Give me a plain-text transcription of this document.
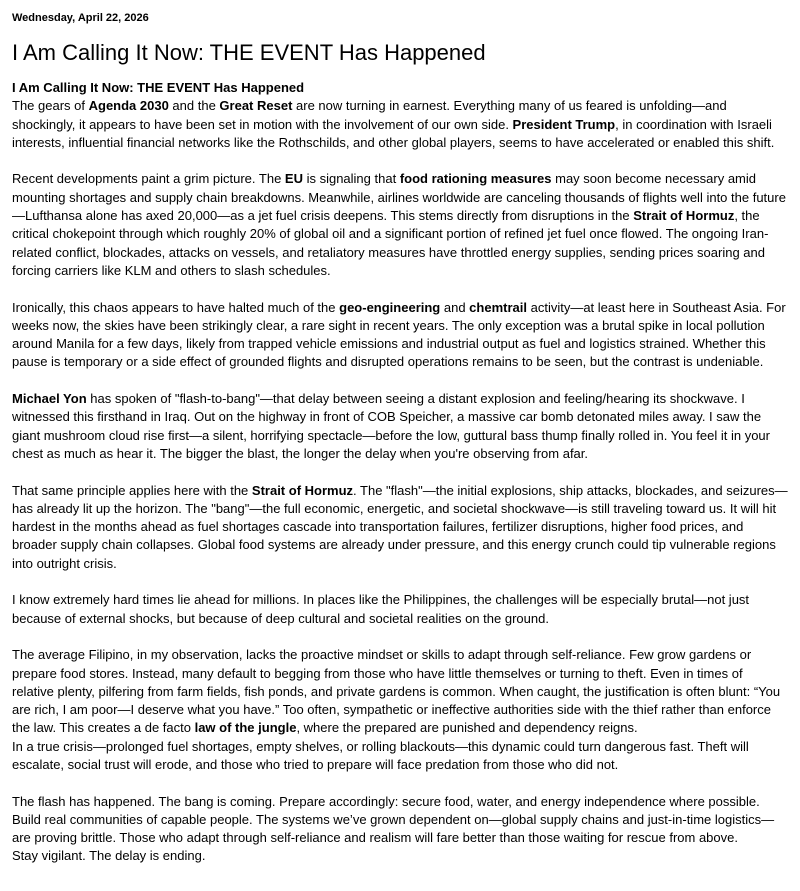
Wednesday, April 22, 2026
I Am Calling It Now: THE EVENT Has Happened

I Am Calling It Now: THE EVENT Has Happened

The gears of Agenda 2030 and the Great Reset are now turning in earnest. Everything many of us feared is unfolding—and shockingly, it appears to have been set in motion with the involvement of our own side. President Trump, in coordination with Israeli interests, influential financial networks like the Rothschilds, and other global players, seems to have accelerated or enabled this shift.

Recent developments paint a grim picture. The EU is signaling that food rationing measures may soon become necessary amid mounting shortages and supply chain breakdowns. Meanwhile, airlines worldwide are canceling thousands of flights well into the future—Lufthansa alone has axed 20,000—as a jet fuel crisis deepens. This stems directly from disruptions in the Strait of Hormuz, the critical chokepoint through which roughly 20% of global oil and a significant portion of refined jet fuel once flowed. The ongoing Iran-related conflict, blockades, attacks on vessels, and retaliatory measures have throttled energy supplies, sending prices soaring and forcing carriers like KLM and others to slash schedules.

Ironically, this chaos appears to have halted much of the geo-engineering and chemtrail activity—at least here in Southeast Asia. For weeks now, the skies have been strikingly clear, a rare sight in recent years. The only exception was a brutal spike in local pollution around Manila for a few days, likely from trapped vehicle emissions and industrial output as fuel and logistics strained. Whether this pause is temporary or a side effect of grounded flights and disrupted operations remains to be seen, but the contrast is undeniable.

Michael Yon has spoken of "flash-to-bang"—that delay between seeing a distant explosion and feeling/hearing its shockwave. I witnessed this firsthand in Iraq. Out on the highway in front of COB Speicher, a massive car bomb detonated miles away. I saw the giant mushroom cloud rise first—a silent, horrifying spectacle—before the low, guttural bass thump finally rolled in. You feel it in your chest as much as hear it. The bigger the blast, the longer the delay when you're observing from afar.

That same principle applies here with the Strait of Hormuz. The "flash"—the initial explosions, ship attacks, blockades, and seizures—has already lit up the horizon. The "bang"—the full economic, energetic, and societal shockwave—is still traveling toward us. It will hit hardest in the months ahead as fuel shortages cascade into transportation failures, fertilizer disruptions, higher food prices, and broader supply chain collapses. Global food systems are already under pressure, and this energy crunch could tip vulnerable regions into outright crisis.

I know extremely hard times lie ahead for millions. In places like the Philippines, the challenges will be especially brutal—not just because of external shocks, but because of deep cultural and societal realities on the ground.

The average Filipino, in my observation, lacks the proactive mindset or skills to adapt through self-reliance. Few grow gardens or prepare food stores. Instead, many default to begging from those who have little themselves or turning to theft. Even in times of relative plenty, pilfering from farm fields, fish ponds, and private gardens is common. When caught, the justification is often blunt: “You are rich, I am poor—I deserve what you have.” Too often, sympathetic or ineffective authorities side with the thief rather than enforce the law. This creates a de facto law of the jungle, where the prepared are punished and dependency reigns.

In a true crisis—prolonged fuel shortages, empty shelves, or rolling blackouts—this dynamic could turn dangerous fast. Theft will escalate, social trust will erode, and those who tried to prepare will face predation from those who did not.

The flash has happened. The bang is coming. Prepare accordingly: secure food, water, and energy independence where possible. Build real communities of capable people. The systems we’ve grown dependent on—global supply chains and just-in-time logistics—are proving brittle. Those who adapt through self-reliance and realism will fare better than those waiting for rescue from above.

Stay vigilant. The delay is ending.
